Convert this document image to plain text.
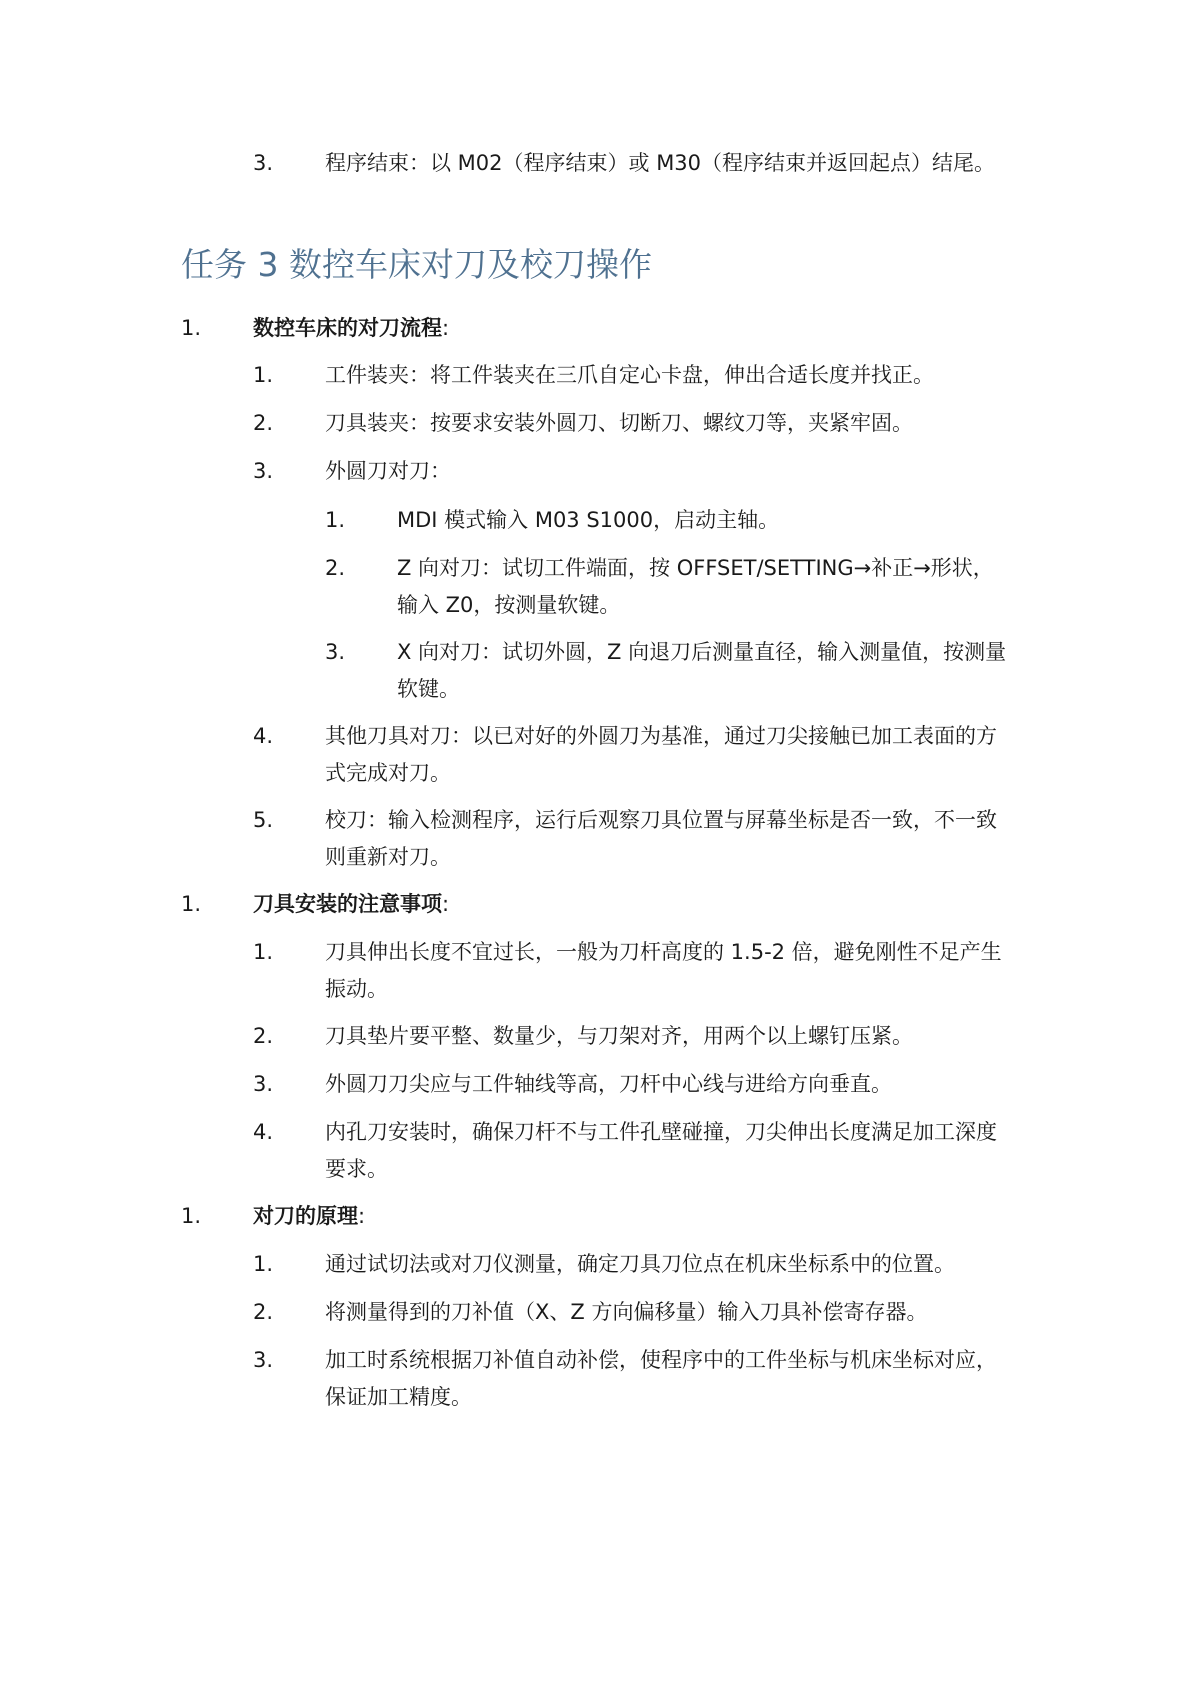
3. 程序结束：以 M02（程序结束）或 M30（程序结束并返回起点）结尾。
任务 3 数控车床对刀及校刀操作
1. 数控车床的对刀流程:
1. 工件装夹：将工件装夹在三爪自定心卡盘，伸出合适长度并找正。
2. 刀具装夹：按要求安装外圆刀、切断刀、螺纹刀等，夹紧牢固。
3. 外圆刀对刀：
1. MDI 模式输入 M03 S1000，启动主轴。
2. Z 向对刀：试切工件端面，按 OFFSET/SETTING→补正→形状，输入 Z0，按测量软键。
3. X 向对刀：试切外圆，Z 向退刀后测量直径，输入测量值，按测量软键。
4. 其他刀具对刀：以已对好的外圆刀为基准，通过刀尖接触已加工表面的方式完成对刀。
5. 校刀：输入检测程序，运行后观察刀具位置与屏幕坐标是否一致，不一致则重新对刀。
1. 刀具安装的注意事项:
1. 刀具伸出长度不宜过长，一般为刀杆高度的 1.5-2 倍，避免刚性不足产生振动。
2. 刀具垫片要平整、数量少，与刀架对齐，用两个以上螺钉压紧。
3. 外圆刀刀尖应与工件轴线等高，刀杆中心线与进给方向垂直。
4. 内孔刀安装时，确保刀杆不与工件孔壁碰撞，刀尖伸出长度满足加工深度要求。
1. 对刀的原理:
1. 通过试切法或对刀仪测量，确定刀具刀位点在机床坐标系中的位置。
2. 将测量得到的刀补值（X、Z 方向偏移量）输入刀具补偿寄存器。
3. 加工时系统根据刀补值自动补偿，使程序中的工件坐标与机床坐标对应，保证加工精度。
